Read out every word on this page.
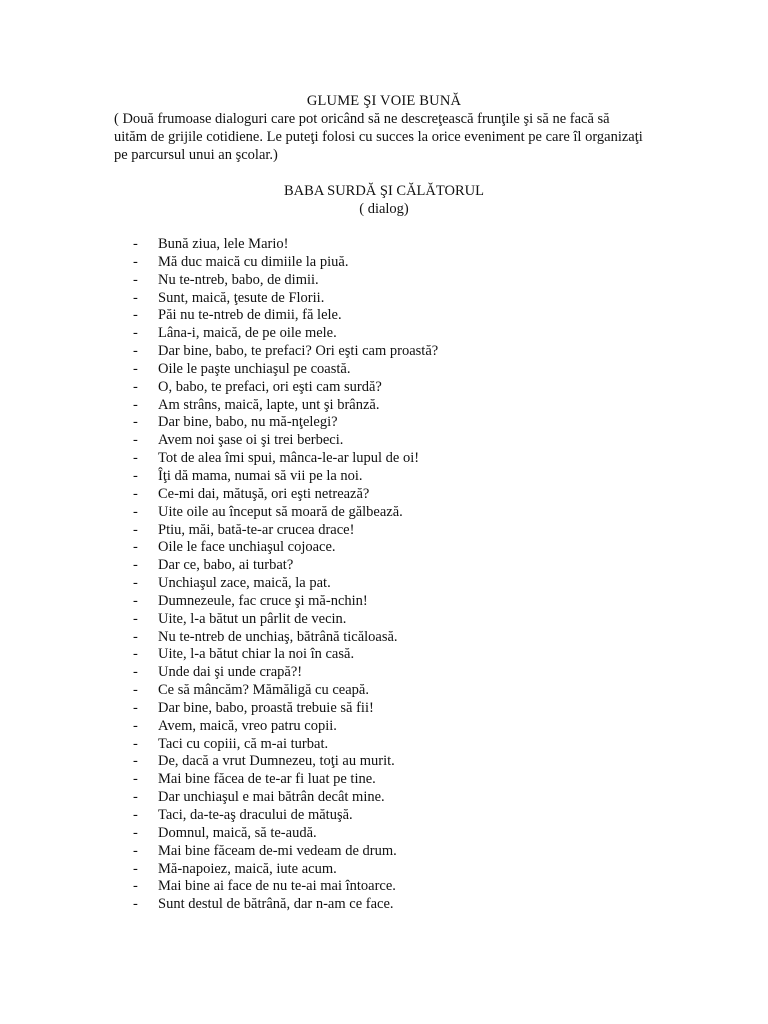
GLUME ŞI VOIE BUNĂ
( Două frumoase dialoguri care pot oricând să ne descreţească frunţile şi să ne facă să uităm de grijile cotidiene. Le puteţi folosi cu succes la orice eveniment pe care îl organizaţi pe parcursul unui an şcolar.)
BABA SURDĂ ŞI CĂLĂTORUL
( dialog)
- Bună ziua, lele Mario!
- Mă duc maică cu dimiile la piuă.
- Nu te-ntreb, babo, de dimii.
- Sunt, maică, ţesute de Florii.
- Păi nu te-ntreb de dimii, fă lele.
- Lâna-i, maică, de pe oile mele.
- Dar bine, babo, te prefaci? Ori eşti cam proastă?
- Oile le paşte unchiaşul pe coastă.
- O, babo, te prefaci, ori eşti cam surdă?
- Am strâns, maică, lapte, unt şi brânză.
- Dar bine, babo, nu mă-nţelegi?
- Avem noi şase oi şi trei berbeci.
- Tot de alea îmi spui, mânca-le-ar lupul de oi!
- Îţi dă mama, numai să vii pe la noi.
- Ce-mi dai, mătuşă, ori eşti netrează?
- Uite oile au început să moară de gălbează.
- Ptiu, măi, bată-te-ar crucea drace!
- Oile le face unchiaşul cojoace.
- Dar ce, babo, ai turbat?
- Unchiaşul zace, maică, la pat.
- Dumnezeule, fac cruce şi mă-nchin!
- Uite, l-a bătut un pârlit de vecin.
- Nu te-ntreb de unchiaş, bătrână ticăloasă.
- Uite, l-a bătut chiar la noi în casă.
- Unde dai şi unde crapă?!
- Ce să mâncăm? Mămăligă cu ceapă.
- Dar bine, babo, proastă trebuie să fii!
- Avem, maică, vreo patru copii.
- Taci cu copiii, că m-ai turbat.
- De, dacă a vrut Dumnezeu, toţi au murit.
- Mai bine făcea de te-ar fi luat pe tine.
- Dar unchiaşul e mai bătrân decât mine.
- Taci, da-te-aş dracului de mătuşă.
- Domnul, maică, să te-audă.
- Mai bine făceam de-mi vedeam de drum.
- Mă-napoiez, maică, iute acum.
- Mai bine ai face de nu te-ai mai întoarce.
- Sunt destul de bătrână, dar n-am ce face.
